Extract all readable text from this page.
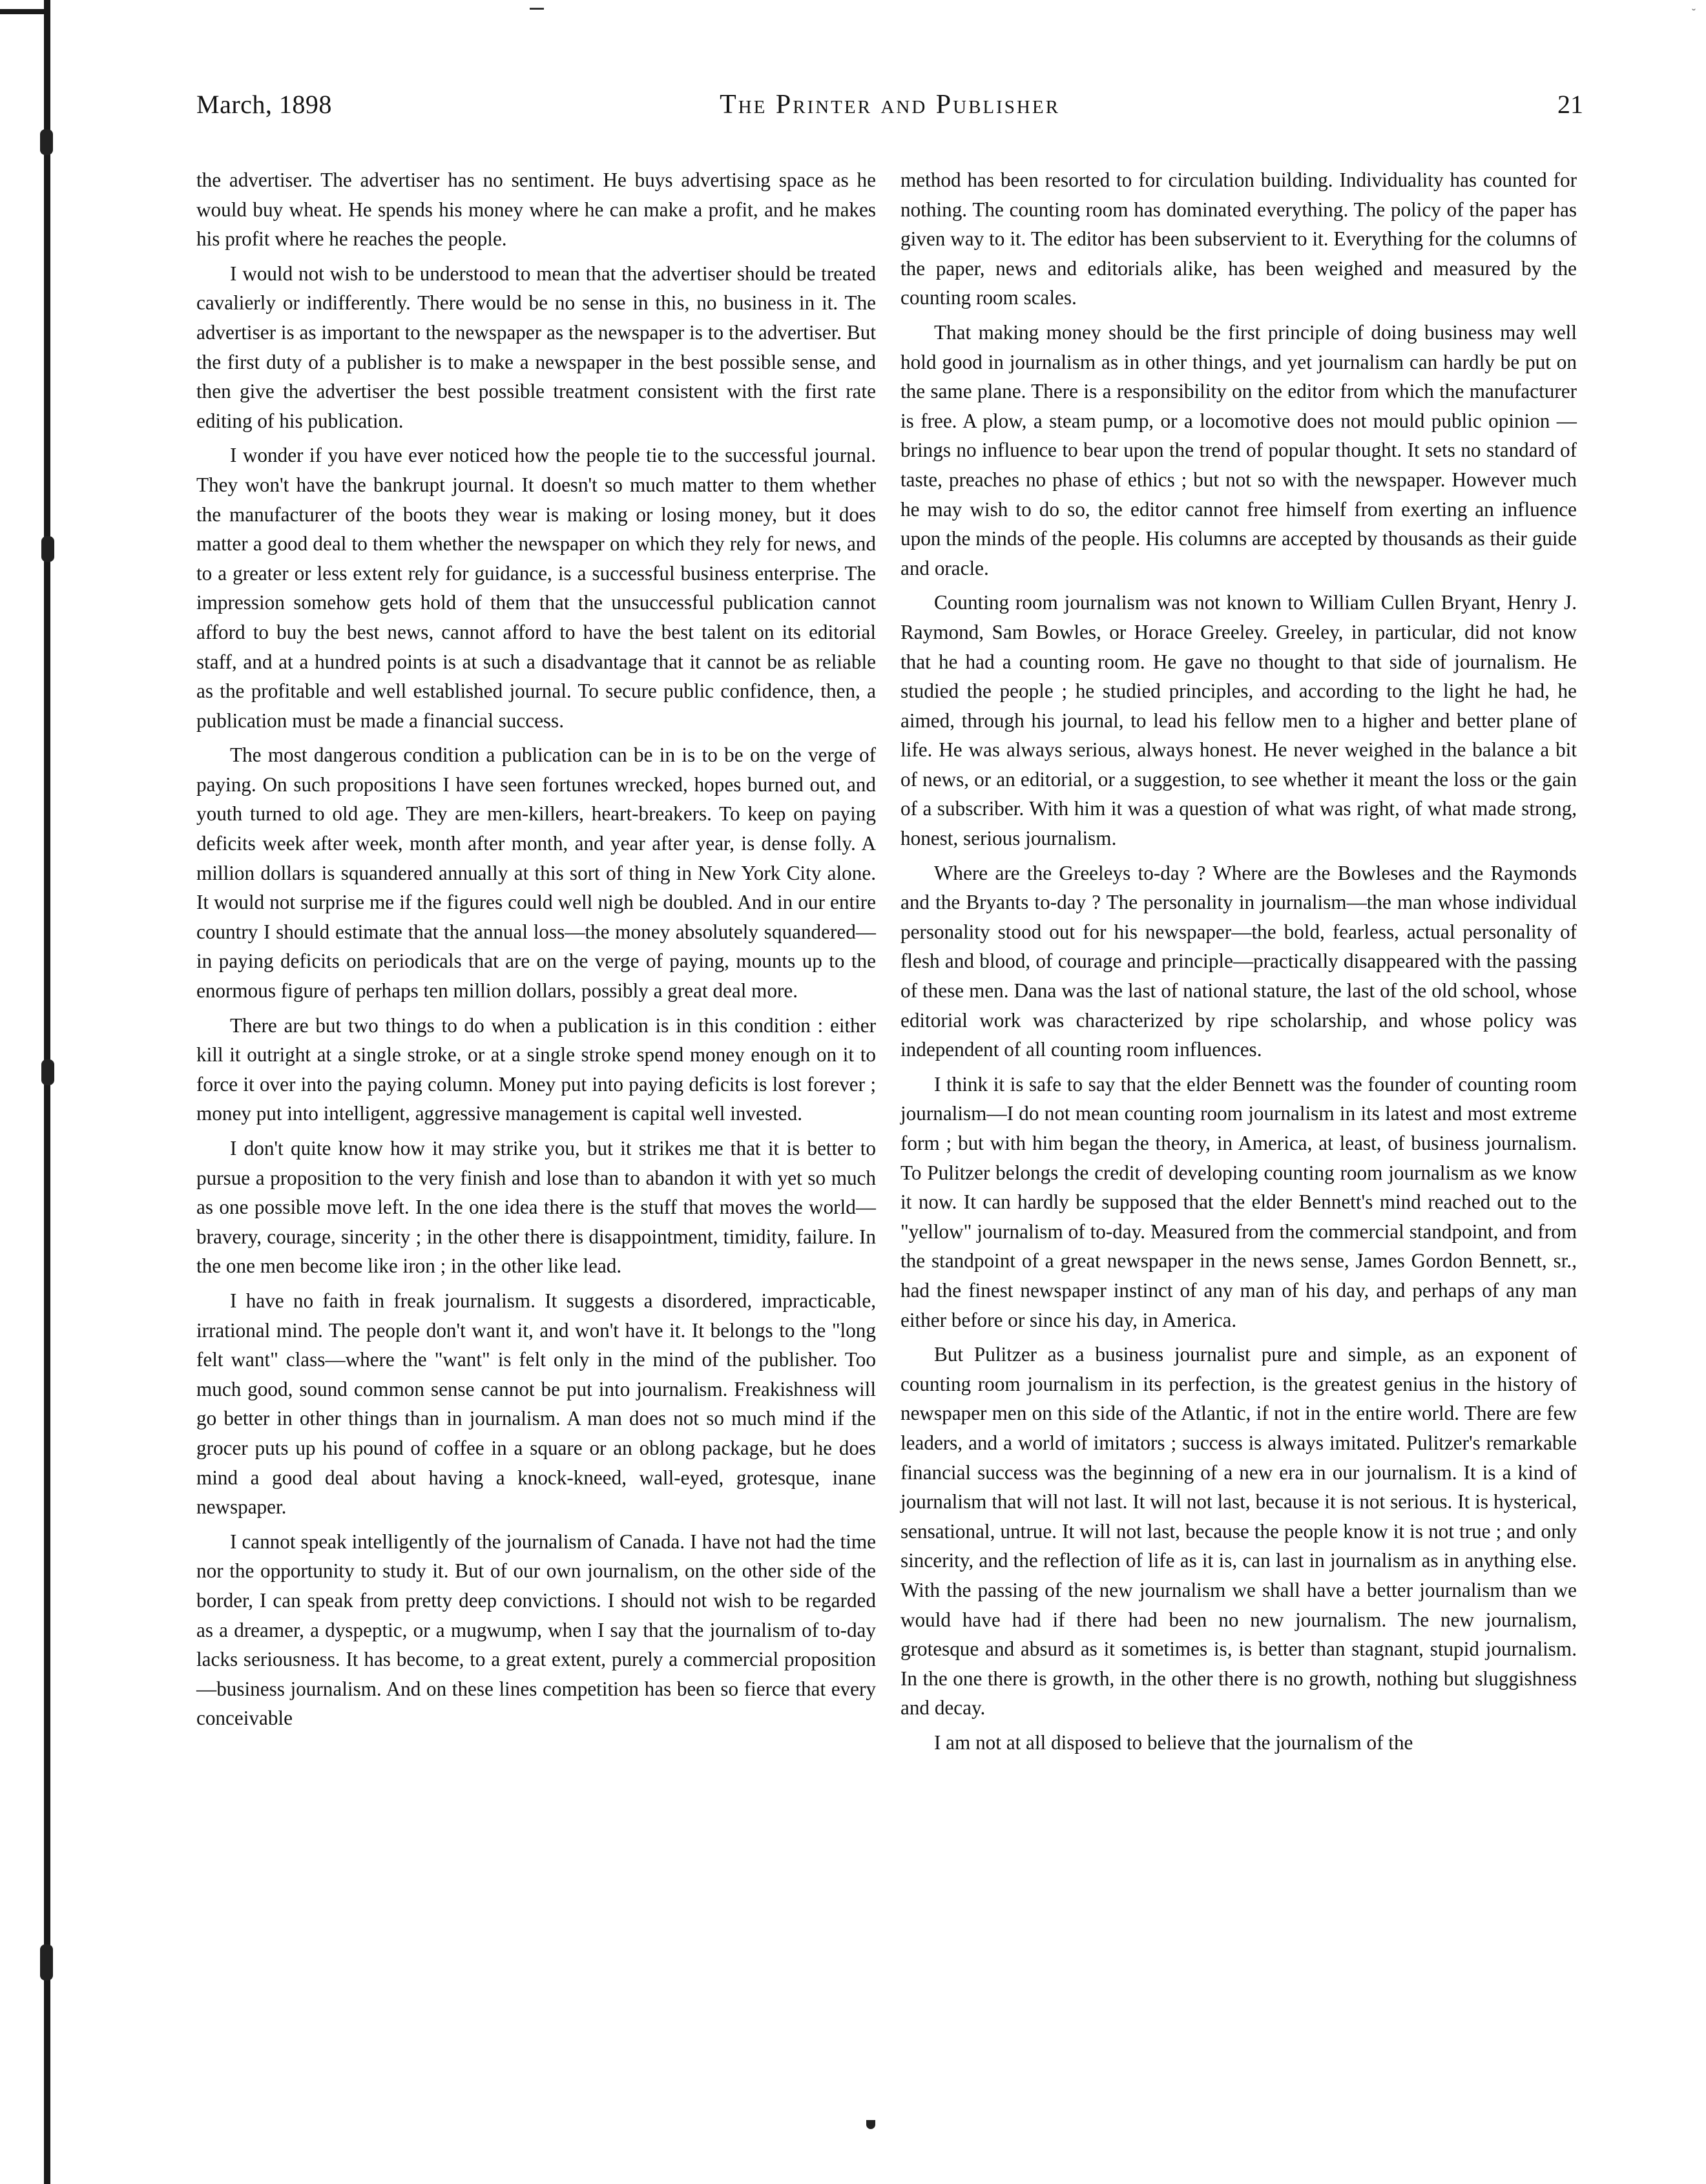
˘
March, 1898	The Printer and Publisher	21

the advertiser. The advertiser has no sentiment. He buys advertising space as he would buy wheat. He spends his money where he can make a profit, and he makes his profit where he reaches the people.

I would not wish to be understood to mean that the advertiser should be treated cavalierly or indifferently. There would be no sense in this, no business in it. The advertiser is as important to the newspaper as the newspaper is to the advertiser. But the first duty of a publisher is to make a newspaper in the best possible sense, and then give the advertiser the best possible treatment consistent with the first rate editing of his publication.

I wonder if you have ever noticed how the people tie to the successful journal. They won't have the bankrupt journal. It doesn't so much matter to them whether the manufacturer of the boots they wear is making or losing money, but it does matter a good deal to them whether the newspaper on which they rely for news, and to a greater or less extent rely for guidance, is a successful business enterprise. The impression somehow gets hold of them that the unsuccessful publication cannot afford to buy the best news, cannot afford to have the best talent on its editorial staff, and at a hundred points is at such a disadvantage that it cannot be as reliable as the profitable and well established journal. To secure public confidence, then, a publication must be made a financial success.

The most dangerous condition a publication can be in is to be on the verge of paying. On such propositions I have seen fortunes wrecked, hopes burned out, and youth turned to old age. They are men-killers, heart-breakers. To keep on paying deficits week after week, month after month, and year after year, is dense folly. A million dollars is squandered annually at this sort of thing in New York City alone. It would not surprise me if the figures could well nigh be doubled. And in our entire country I should estimate that the annual loss—the money absolutely squandered—in paying deficits on periodicals that are on the verge of paying, mounts up to the enormous figure of perhaps ten million dollars, possibly a great deal more.

There are but two things to do when a publication is in this condition : either kill it outright at a single stroke, or at a single stroke spend money enough on it to force it over into the paying column. Money put into paying deficits is lost forever ; money put into intelligent, aggressive management is capital well invested.

I don't quite know how it may strike you, but it strikes me that it is better to pursue a proposition to the very finish and lose than to abandon it with yet so much as one possible move left. In the one idea there is the stuff that moves the world—bravery, courage, sincerity ; in the other there is disappointment, timidity, failure. In the one men become like iron ; in the other like lead.

I have no faith in freak journalism. It suggests a disordered, impracticable, irrational mind. The people don't want it, and won't have it. It belongs to the "long felt want" class—where the "want" is felt only in the mind of the publisher. Too much good, sound common sense cannot be put into journalism. Freakishness will go better in other things than in journalism. A man does not so much mind if the grocer puts up his pound of coffee in a square or an oblong package, but he does mind a good deal about having a knock-kneed, wall-eyed, grotesque, inane newspaper.

I cannot speak intelligently of the journalism of Canada. I have not had the time nor the opportunity to study it. But of our own journalism, on the other side of the border, I can speak from pretty deep convictions. I should not wish to be regarded as a dreamer, a dyspeptic, or a mugwump, when I say that the journalism of to-day lacks seriousness. It has become, to a great extent, purely a commercial proposition—business journalism. And on these lines competition has been so fierce that every conceivable

method has been resorted to for circulation building. Individuality has counted for nothing. The counting room has dominated everything. The policy of the paper has given way to it. The editor has been subservient to it. Everything for the columns of the paper, news and editorials alike, has been weighed and measured by the counting room scales.

That making money should be the first principle of doing business may well hold good in journalism as in other things, and yet journalism can hardly be put on the same plane. There is a responsibility on the editor from which the manufacturer is free. A plow, a steam pump, or a locomotive does not mould public opinion — brings no influence to bear upon the trend of popular thought. It sets no standard of taste, preaches no phase of ethics ; but not so with the newspaper. However much he may wish to do so, the editor cannot free himself from exerting an influence upon the minds of the people. His columns are accepted by thousands as their guide and oracle.

Counting room journalism was not known to William Cullen Bryant, Henry J. Raymond, Sam Bowles, or Horace Greeley. Greeley, in particular, did not know that he had a counting room. He gave no thought to that side of journalism. He studied the people ; he studied principles, and according to the light he had, he aimed, through his journal, to lead his fellow men to a higher and better plane of life. He was always serious, always honest. He never weighed in the balance a bit of news, or an editorial, or a suggestion, to see whether it meant the loss or the gain of a subscriber. With him it was a question of what was right, of what made strong, honest, serious journalism.

Where are the Greeleys to-day ? Where are the Bowleses and the Raymonds and the Bryants to-day ? The personality in journalism—the man whose individual personality stood out for his newspaper—the bold, fearless, actual personality of flesh and blood, of courage and principle—practically disappeared with the passing of these men. Dana was the last of national stature, the last of the old school, whose editorial work was characterized by ripe scholarship, and whose policy was independent of all counting room influences.

I think it is safe to say that the elder Bennett was the founder of counting room journalism—I do not mean counting room journalism in its latest and most extreme form ; but with him began the theory, in America, at least, of business journalism. To Pulitzer belongs the credit of developing counting room journalism as we know it now. It can hardly be supposed that the elder Bennett's mind reached out to the "yellow" journalism of to-day. Measured from the commercial standpoint, and from the standpoint of a great newspaper in the news sense, James Gordon Bennett, sr., had the finest newspaper instinct of any man of his day, and perhaps of any man either before or since his day, in America.

But Pulitzer as a business journalist pure and simple, as an exponent of counting room journalism in its perfection, is the greatest genius in the history of newspaper men on this side of the Atlantic, if not in the entire world. There are few leaders, and a world of imitators ; success is always imitated. Pulitzer's remarkable financial success was the beginning of a new era in our journalism. It is a kind of journalism that will not last. It will not last, because it is not serious. It is hysterical, sensational, untrue. It will not last, because the people know it is not true ; and only sincerity, and the reflection of life as it is, can last in journalism as in anything else. With the passing of the new journalism we shall have a better journalism than we would have had if there had been no new journalism. The new journalism, grotesque and absurd as it sometimes is, is better than stagnant, stupid journalism. In the one there is growth, in the other there is no growth, nothing but sluggishness and decay.

I am not at all disposed to believe that the journalism of the
